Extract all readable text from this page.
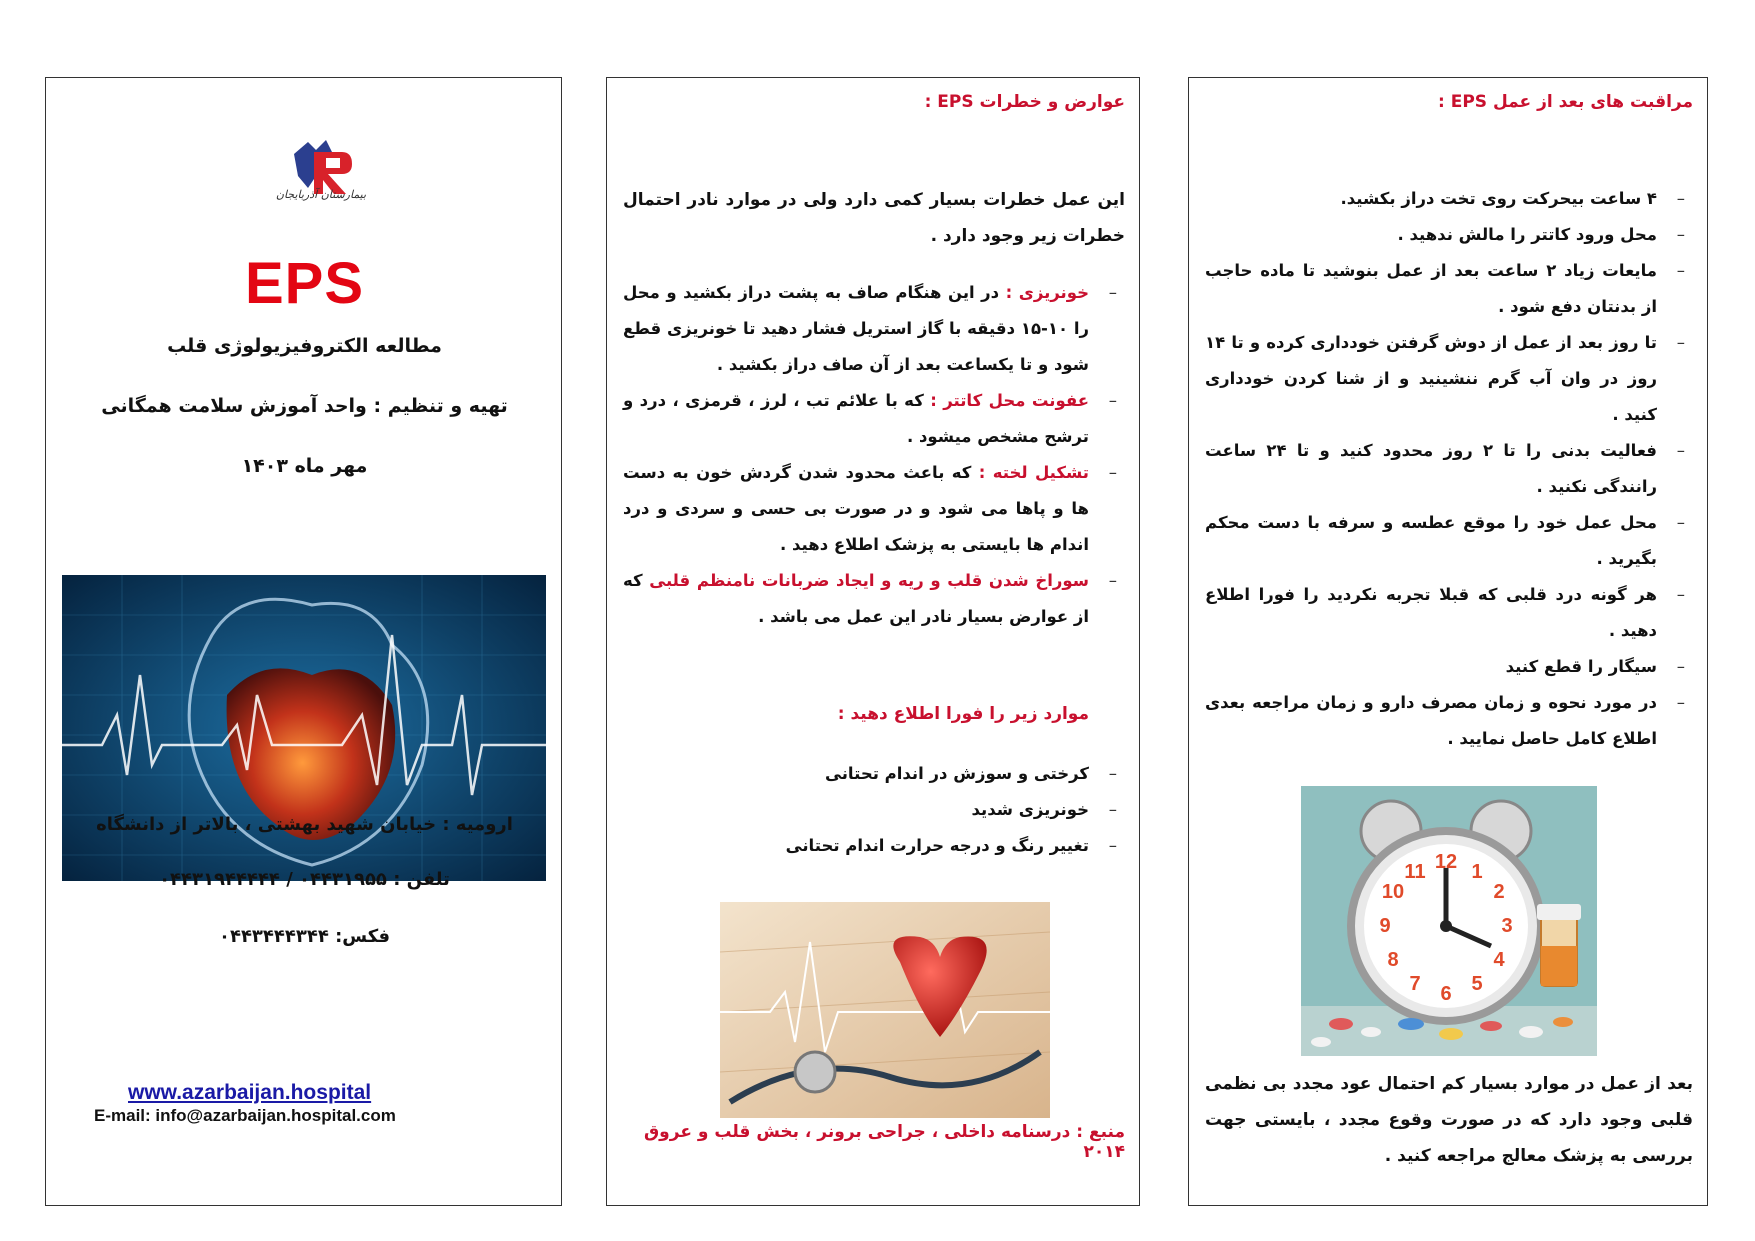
بیمارستان آذربایجان
EPS
مطالعه الکتروفیزیولوژی قلب
تهیه و تنظیم : واحد آموزش سلامت همگانی
مهر ماه ۱۴۰۳
ارومیه : خیابان شهید بهشتی ، بالاتر از دانشگاه
تلفن : ۰۴۴۳۱۹۵۵ / ۰۴۴۳۱۹۴۴۴۴۴
فکس: ۰۴۴۳۴۴۴۳۴۴
www.azarbaijan.hospital
E-mail: info@azarbaijan.hospital.com
عوارض و خطرات EPS :
این عمل خطرات بسیار کمی دارد ولی در موارد نادر احتمال خطرات زیر وجود دارد .
– خونریزی : در این هنگام صاف به پشت دراز بکشید و محل را ۱۰-۱۵ دقیقه با گاز استریل فشار دهید تا خونریزی قطع شود و تا یکساعت بعد از آن صاف دراز بکشید .
– عفونت محل کاتتر : که با علائم تب ، لرز ، قرمزی ، درد و ترشح مشخص میشود .
– تشکیل لخته : که باعث محدود شدن گردش خون به دست ها و پاها می شود و در صورت بی حسی و سردی و درد اندام ها بایستی به پزشک اطلاع دهید .
– سوراخ شدن قلب و ریه و ایجاد ضربانات نامنظم قلبی که از عوارض بسیار نادر این عمل می باشد .
موارد زیر را فورا اطلاع دهید :
– کرختی و سوزش در اندام تحتانی
– خونریزی شدید
– تغییر رنگ و درجه حرارت اندام تحتانی
منبع : درسنامه داخلی ، جراحی برونر ، بخش قلب و عروق ۲۰۱۴
مراقبت های بعد از عمل EPS :
– ۴ ساعت بیحرکت روی تخت دراز بکشید.
– محل ورود کاتتر را مالش ندهید .
– مایعات زیاد ۲ ساعت بعد از عمل بنوشید تا ماده حاجب از بدنتان دفع شود .
– تا روز بعد از عمل از دوش گرفتن خودداری کرده و تا ۱۴ روز در وان آب گرم ننشینید و از شنا کردن خودداری کنید .
– فعالیت بدنی را تا ۲ روز محدود کنید و تا ۲۴ ساعت رانندگی نکنید .
– محل عمل خود را موقع عطسه و سرفه با دست محکم بگیرید .
– هر گونه درد قلبی که قبلا تجربه نکردید را فورا اطلاع دهید .
– سیگار را قطع کنید
– در مورد نحوه و زمان مصرف دارو و زمان مراجعه بعدی اطلاع کامل حاصل نمایید .
12 1
2
3
4
5
6
7
8
9
10
11
بعد از عمل در موارد بسیار کم احتمال عود مجدد بی نظمی قلبی وجود دارد که در صورت وقوع مجدد ، بایستی جهت بررسی به پزشک معالج مراجعه کنید .
